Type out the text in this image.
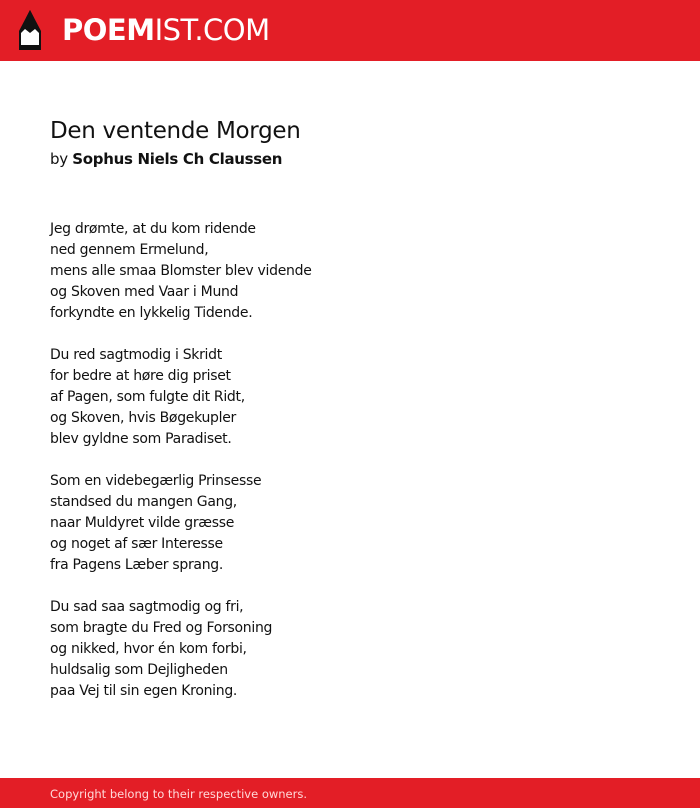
POEMIST.COM
Den ventende Morgen
by Sophus Niels Ch Claussen
Jeg drømte, at du kom ridende
ned gennem Ermelund,
mens alle smaa Blomster blev vidende
og Skoven med Vaar i Mund
forkyndte en lykkelig Tidende.
Du red sagtmodig i Skridt
for bedre at høre dig priset
af Pagen, som fulgte dit Ridt,
og Skoven, hvis Bøgekupler
blev gyldne som Paradiset.
Som en videbegærlig Prinsesse
standsed du mangen Gang,
naar Muldyret vilde græsse
og noget af sær Interesse
fra Pagens Læber sprang.
Du sad saa sagtmodig og fri,
som bragte du Fred og Forsoning
og nikked, hvor én kom forbi,
huldsalig som Dejligheden
paa Vej til sin egen Kroning.
Copyright belong to their respective owners.
